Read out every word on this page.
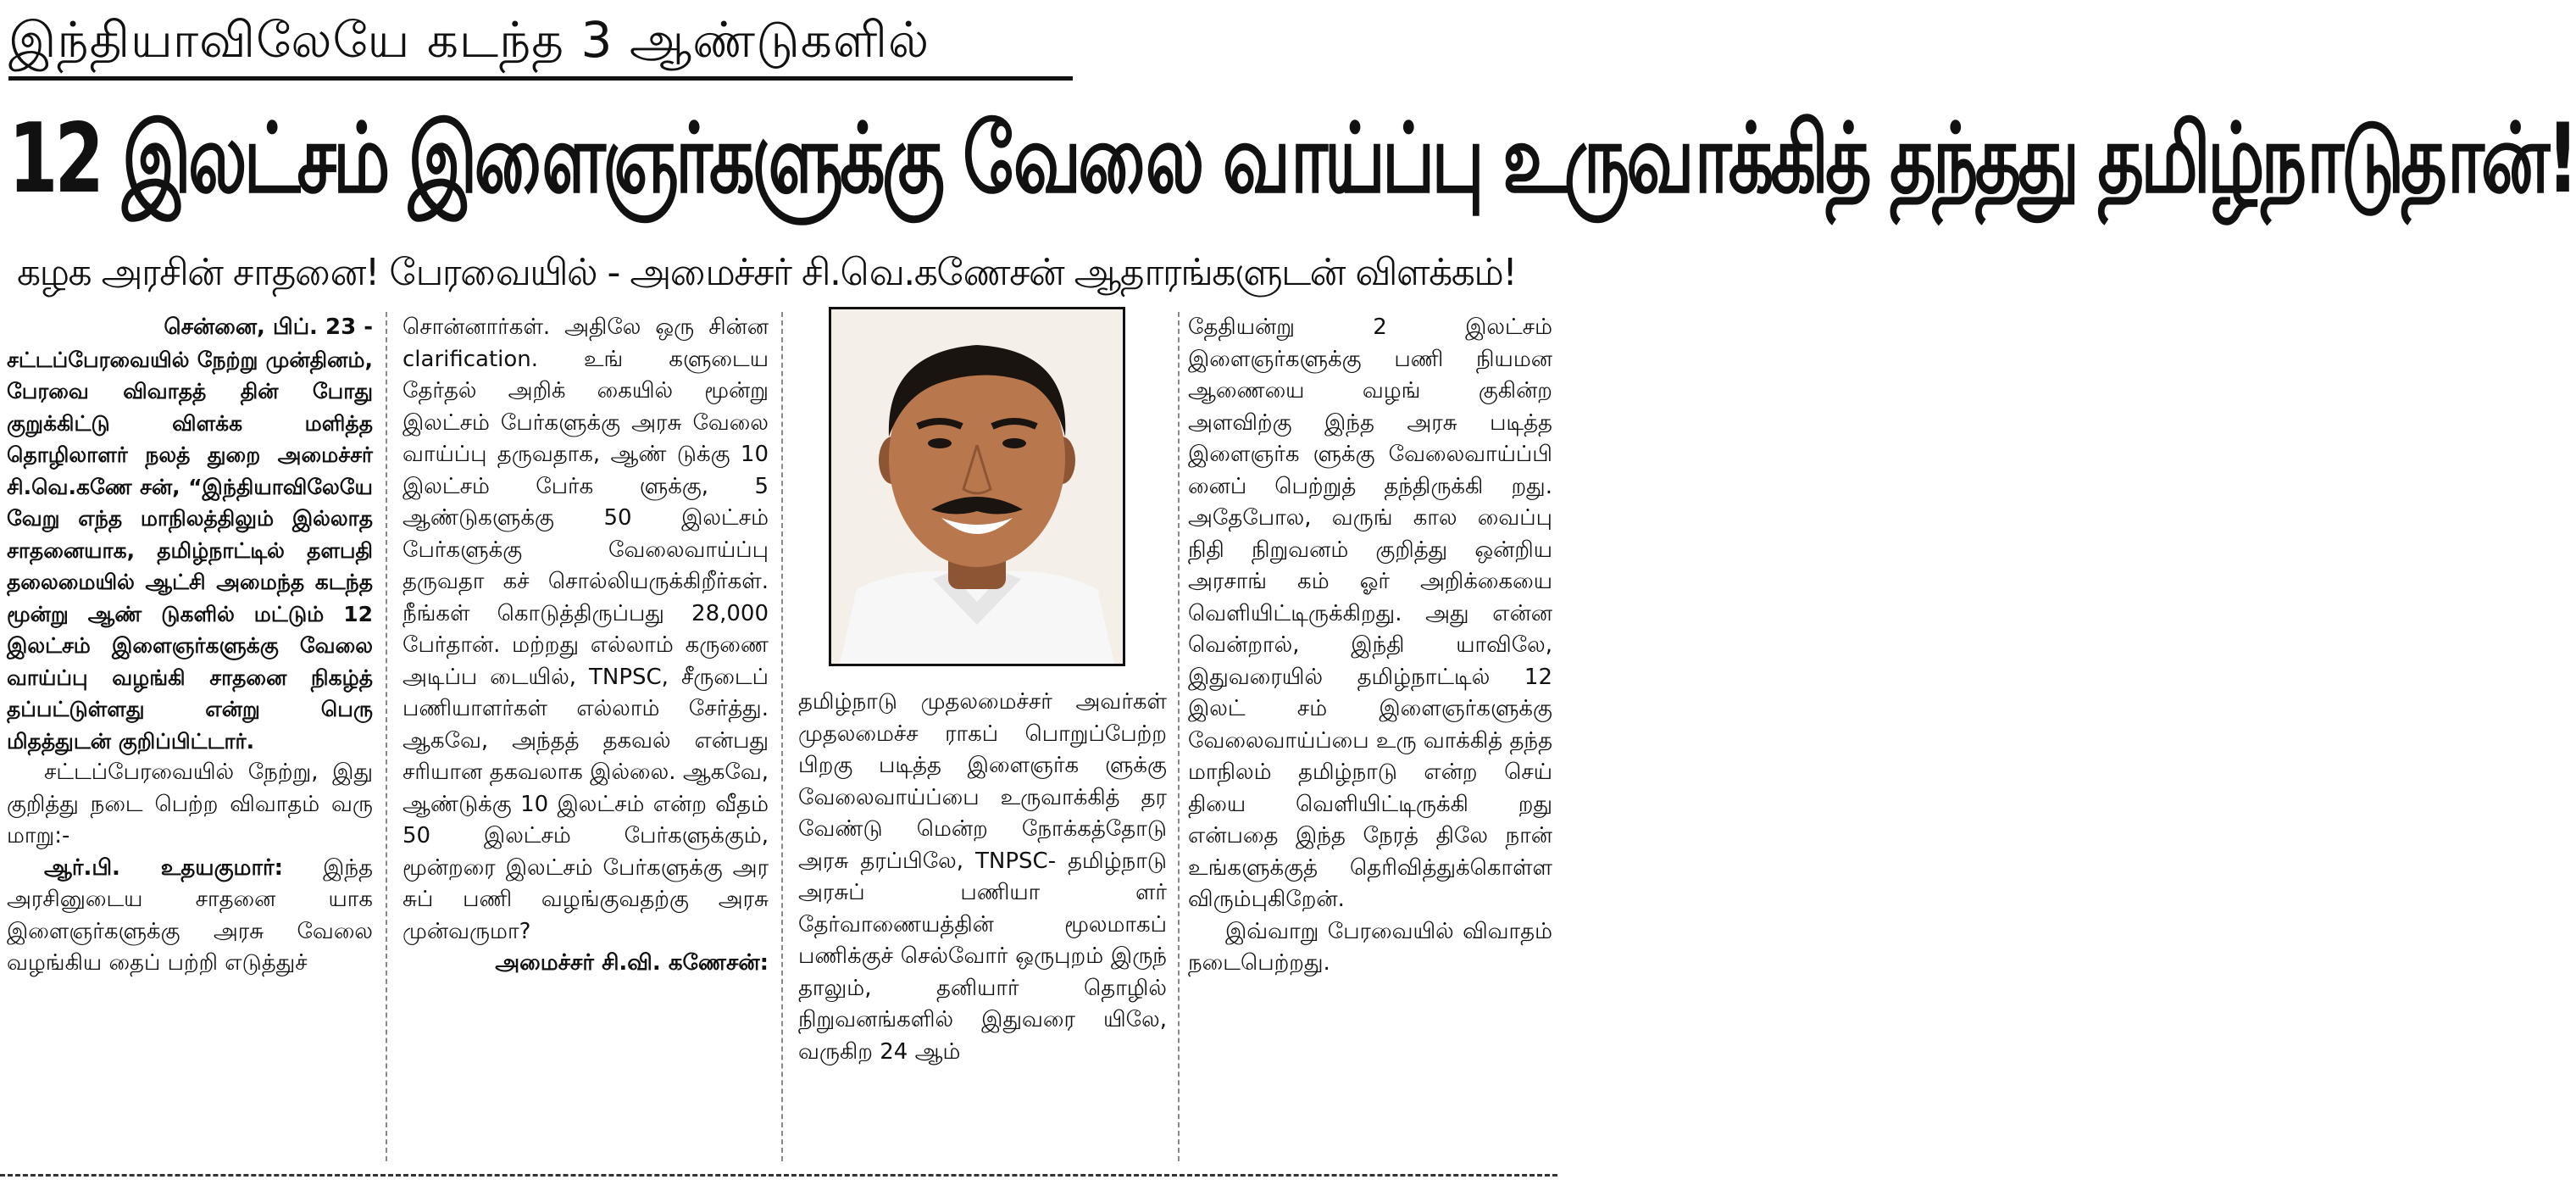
இந்தியாவிலேயே கடந்த 3 ஆண்டுகளில்
12 இலட்சம் இளைஞர்களுக்கு வேலை வாய்ப்பு உருவாக்கித் தந்தது தமிழ்நாடுதான்!
கழக அரசின் சாதனை! பேரவையில் - அமைச்சர் சி.வெ.கணேசன் ஆதாரங்களுடன் விளக்கம்!

சென்னை, பிப். 23 -

சட்டப்பேரவையில் நேற்று முன்தினம், பேரவை விவாதத் தின் போது குறுக்கிட்டு விளக்க மளித்த தொழிலாளர் நலத் துறை அமைச்சர் சி.வெ.கணே சன், “இந்தியாவிலேயே வேறு எந்த மாநிலத்திலும் இல்லாத சாதனையாக, தமிழ்நாட்டில் தளபதி தலைமையில் ஆட்சி அமைந்த கடந்த மூன்று ஆண் டுகளில் மட்டும் 12 இலட்சம் இளைஞர்களுக்கு வேலை வாய்ப்பு வழங்கி சாதனை நிகழ்த் தப்பட்டுள்ளது என்று பெரு மிதத்துடன் குறிப்பிட்டார்.

சட்டப்பேரவையில் நேற்று, இது குறித்து நடை பெற்ற விவாதம் வரு மாறு:-

ஆர்.பி. உதயகுமார்: இந்த அரசினுடைய சாதனை யாக இளைஞர்களுக்கு அரசு வேலை வழங்கிய தைப் பற்றி எடுத்துச்

சொன்னார்கள். அதிலே ஒரு சின்ன clarification. உங் களுடைய தேர்தல் அறிக் கையில் மூன்று இலட்சம் பேர்களுக்கு அரசு வேலை வாய்ப்பு தருவதாக, ஆண் டுக்கு 10 இலட்சம் பேர்க ளுக்கு, 5 ஆண்டுகளுக்கு 50 இலட்சம் பேர்களுக்கு வேலைவாய்ப்பு தருவதா கச் சொல்லியருக்கிறீர்கள். நீங்கள் கொடுத்திருப்பது 28,000 பேர்தான். மற்றது எல்லாம் கருணை அடிப்ப டையில், TNPSC, சீருடைப் பணியாளர்கள் எல்லாம் சேர்த்து. ஆகவே, அந்தத் தகவல் என்பது சரியான தகவலாக இல்லை. ஆகவே, ஆண்டுக்கு 10 இலட்சம் என்ற வீதம் 50 இலட்சம் பேர்களுக்கும், மூன்றரை இலட்சம் பேர்களுக்கு அர சுப் பணி வழங்குவதற்கு அரசு முன்வருமா?

அமைச்சர் சி.வி. கணேசன்:

தமிழ்நாடு முதலமைச்சர் அவர்கள் முதலமைச்ச ராகப் பொறுப்பேற்ற பிறகு படித்த இளைஞர்க ளுக்கு வேலைவாய்ப்பை உருவாக்கித் தர வேண்டு மென்ற நோக்கத்தோடு அரசு தரப்பிலே, TNPSC- தமிழ்நாடு அரசுப் பணியா ளர் தேர்வாணையத்தின் மூலமாகப் பணிக்குச் செல்வோர் ஒருபுறம் இருந் தாலும், தனியார் தொழில் நிறுவனங்களில் இதுவரை யிலே, வருகிற 24 ஆம்

தேதியன்று 2 இலட்சம் இளைஞர்களுக்கு பணி நியமன ஆணையை வழங் குகின்ற அளவிற்கு இந்த அரசு படித்த இளைஞர்க ளுக்கு வேலைவாய்ப்பி னைப் பெற்றுத் தந்திருக்கி றது. அதேபோல, வருங் கால வைப்பு நிதி நிறுவனம் குறித்து ஒன்றிய அரசாங் கம் ஓர் அறிக்கையை வெளியிட்டிருக்கிறது. அது என்ன வென்றால், இந்தி யாவிலே, இதுவரையில் தமிழ்நாட்டில் 12 இலட் சம் இளைஞர்களுக்கு வேலைவாய்ப்பை உரு வாக்கித் தந்த மாநிலம் தமிழ்நாடு என்ற செய் தியை வெளியிட்டிருக்கி றது என்பதை இந்த நேரத் திலே நான் உங்களுக்குத் தெரிவித்துக்கொள்ள விரும்புகிறேன்.

இவ்வாறு பேரவையில் விவாதம் நடைபெற்றது.
